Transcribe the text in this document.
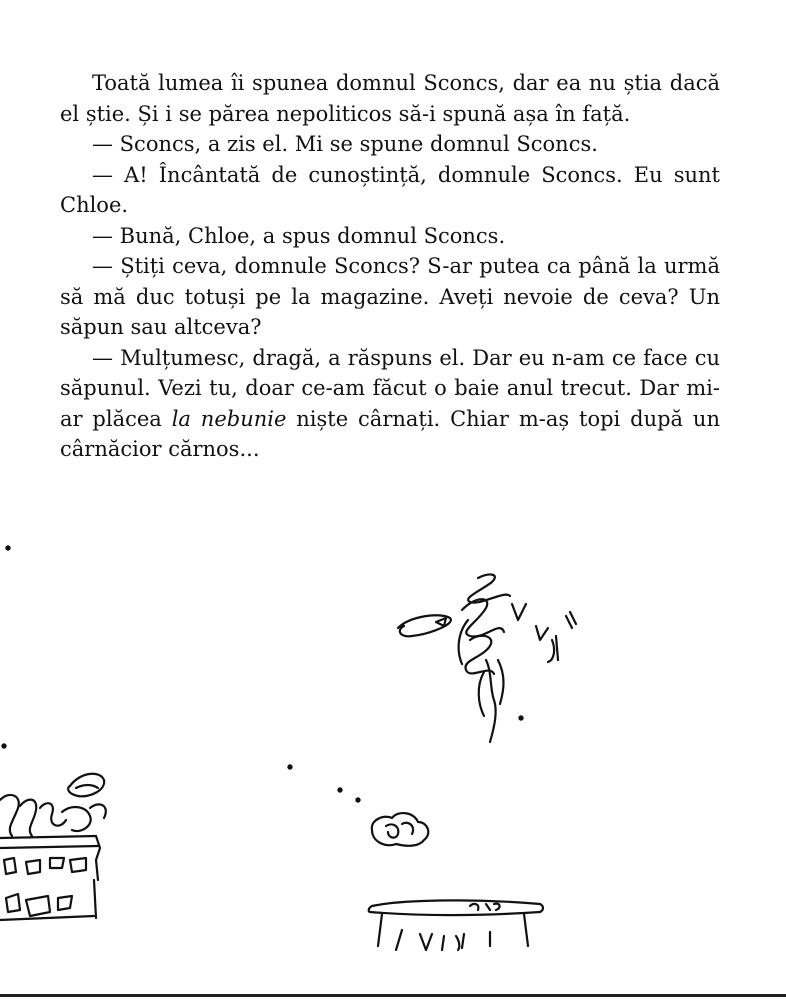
Toată lumea îi spunea domnul Sconcs, dar ea nu știa dacă el știe. Și i se părea nepoliticos să-i spună așa în față.

— Sconcs, a zis el. Mi se spune domnul Sconcs.

— A! Încântată de cunoștință, domnule Sconcs. Eu sunt Chloe.

— Bună, Chloe, a spus domnul Sconcs.

— Știți ceva, domnule Sconcs? S-ar putea ca până la urmă să mă duc totuși pe la magazine. Aveți nevoie de ceva? Un săpun sau altceva?

— Mulțumesc, dragă, a răspuns el. Dar eu n-am ce face cu săpunul. Vezi tu, doar ce-am făcut o baie anul trecut. Dar mi-ar plăcea la nebunie niște cârnați. Chiar m-aș topi după un cârnăcior cărnos...
